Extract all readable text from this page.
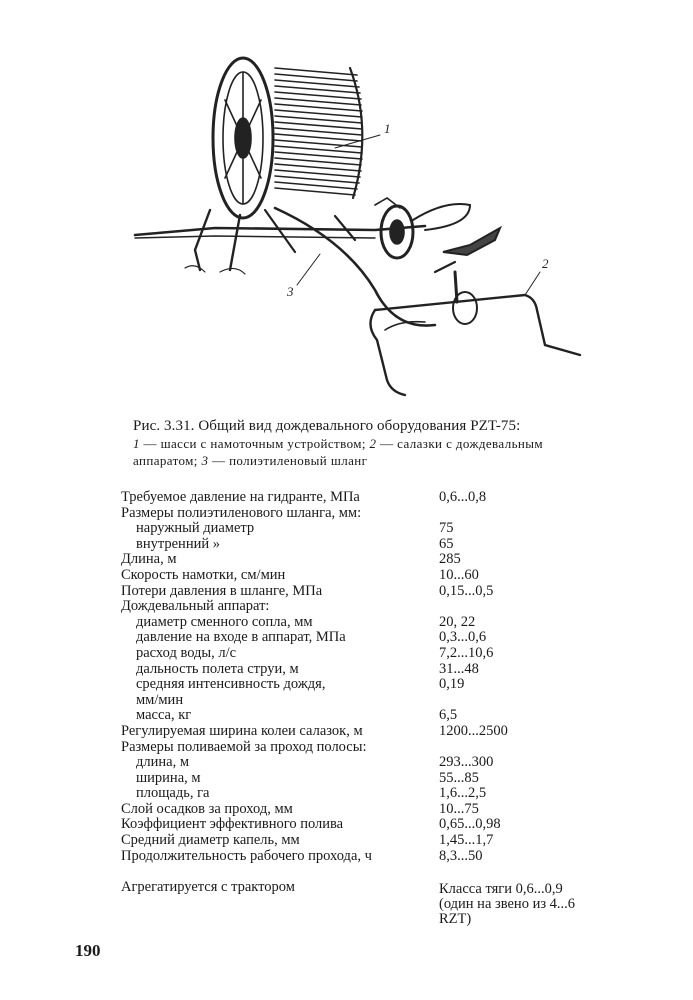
1
2
3
Рис. 3.31. Общий вид дождевального оборудования PZT-75:
1 — шасси с намоточным устройством; 2 — салазки с дождевальным аппаратом; 3 — полиэтиленовый шланг
Требуемое давление на гидранте, МПа	0,6...0,8
Размеры полиэтиленового шланга, мм:
наружный диаметр	75
внутренний »	65
Длина, м	285
Скорость намотки, см/мин	10...60
Потери давления в шланге, МПа	0,15...0,5
Дождевальный аппарат:
диаметр сменного сопла, мм	20, 22
давление на входе в аппарат, МПа	0,3...0,6
расход воды, л/с	7,2...10,6
дальность полета струи, м	31...48
средняя интенсивность дождя,	0,19
мм/мин
масса, кг	6,5
Регулируемая ширина колеи салазок, м	1200...2500
Размеры поливаемой за проход полосы:
длина, м	293...300
ширина, м	55...85
площадь, га	1,6...2,5
Слой осадков за проход, мм	10...75
Коэффициент эффективного полива	0,65...0,98
Средний диаметр капель, мм	1,45...1,7
Продолжительность рабочего прохода, ч	8,3...50
Агрегатируется с трактором	Класса тяги 0,6...0,9 (один на звено из 4...6 RZT)
190
